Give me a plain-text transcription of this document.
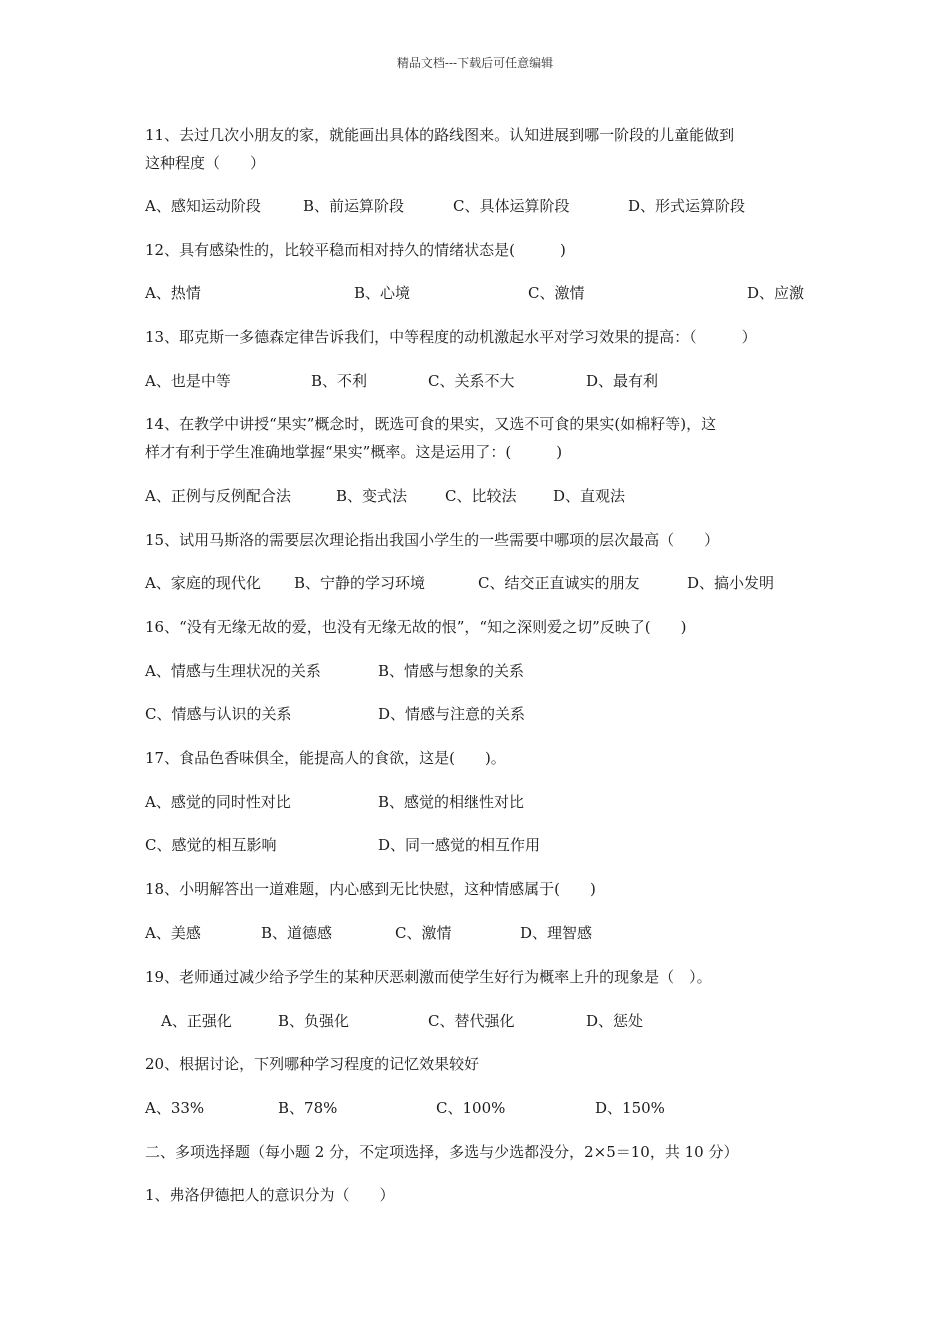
精品文档---下载后可任意编辑
11、去过几次小朋友的家，就能画出具体的路线图来。认知进展到哪一阶段的儿童能做到
这种程度（　　）
A、感知运动阶段	B、前运算阶段	C、具体运算阶段	D、形式运算阶段
12、具有感染性的，比较平稳而相对持久的情绪状态是(　　　)
A、热情	B、心境	C、激情	D、应激
13、耶克斯一多德森定律告诉我们，中等程度的动机激起水平对学习效果的提高：（　　　）
A、也是中等	B、不利	C、关系不大	D、最有利
14、在教学中讲授“果实”概念时，既选可食的果实，又选不可食的果实(如棉籽等)，这
样才有利于学生准确地掌握“果实”概率。这是运用了：(　　　)
A、正例与反例配合法	B、变式法	C、比较法 D、直观法
15、试用马斯洛的需要层次理论指出我国小学生的一些需要中哪项的层次最高（　　）
A、家庭的现代化 B、宁静的学习环境	C、结交正直诚实的朋友	D、搞小发明
16、“没有无缘无故的爱，也没有无缘无故的恨”，“知之深则爱之切”反映了(　　)
A、情感与生理状况的关系	B、情感与想象的关系
C、情感与认识的关系	D、情感与注意的关系
17、食品色香味俱全，能提高人的食欲，这是(　　)。
A、感觉的同时性对比	B、感觉的相继性对比
C、感觉的相互影响	D、同一感觉的相互作用
18、小明解答出一道难题，内心感到无比快慰，这种情感属于(　　)
A、美感	B、道德感	C、激情	D、理智感
19、老师通过减少给予学生的某种厌恶刺激而使学生好行为概率上升的现象是（　）。
A、正强化	B、负强化	C、替代强化	D、惩处
20、根据讨论，下列哪种学习程度的记忆效果较好
A、33%	B、78%	C、100%	D、150%
二、多项选择题（每小题 2 分，不定项选择，多选与少选都没分，2×5＝10，共 10 分）
1、弗洛伊德把人的意识分为（　　）
